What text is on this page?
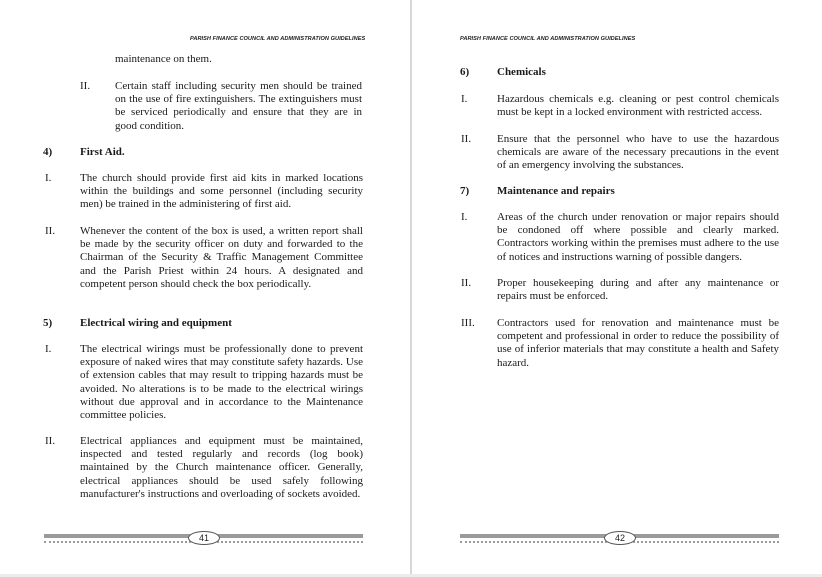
PARISH FINANCE COUNCIL AND ADMINISTRATION GUIDELINES
maintenance on them.
II. Certain staff including security men should be trained on the use of fire extinguishers. The extinguishers must be serviced periodically and ensure that they are in good condition.
4)	First Aid.
I.	The church should provide first aid kits in marked locations within the buildings and some personnel (including security men) be trained in the administering of first aid.
II. Whenever the content of the box is used, a written report shall be made by the security officer on duty and forwarded to the Chairman of the Security & Traffic Management Committee and the Parish Priest within 24 hours. A designated and competent person should check the box periodically.
5)	Electrical wiring and equipment
I.	The electrical wirings must be professionally done to prevent exposure of naked wires that may constitute safety hazards. Use of extension cables that may result to tripping hazards must be avoided. No alterations is to be made to the electrical wirings without due approval and in accordance to the Maintenance committee policies.
II. Electrical appliances and equipment must be maintained, inspected and tested regularly and records (log book) maintained by the Church maintenance officer. Generally, electrical appliances should be used safely following manufacturer's instructions and overloading of sockets avoided.
41
PARISH FINANCE COUNCIL AND ADMINISTRATION GUIDELINES
6)	Chemicals
I.	Hazardous chemicals e.g. cleaning or pest control chemicals must be kept in a locked environment with restricted access.
II. Ensure that the personnel who have to use the hazardous chemicals are aware of the necessary precautions in the event of an emergency involving the substances.
7)	Maintenance and repairs
I.	Areas of the church under renovation or major repairs should be condoned off where possible and clearly marked. Contractors working within the premises must adhere to the use of notices and instructions warning of possible dangers.
II. Proper housekeeping during and after any maintenance or repairs must be enforced.
III. Contractors used for renovation and maintenance must be competent and professional in order to reduce the possibility of use of inferior materials that may constitute a health and Safety hazard.
42
